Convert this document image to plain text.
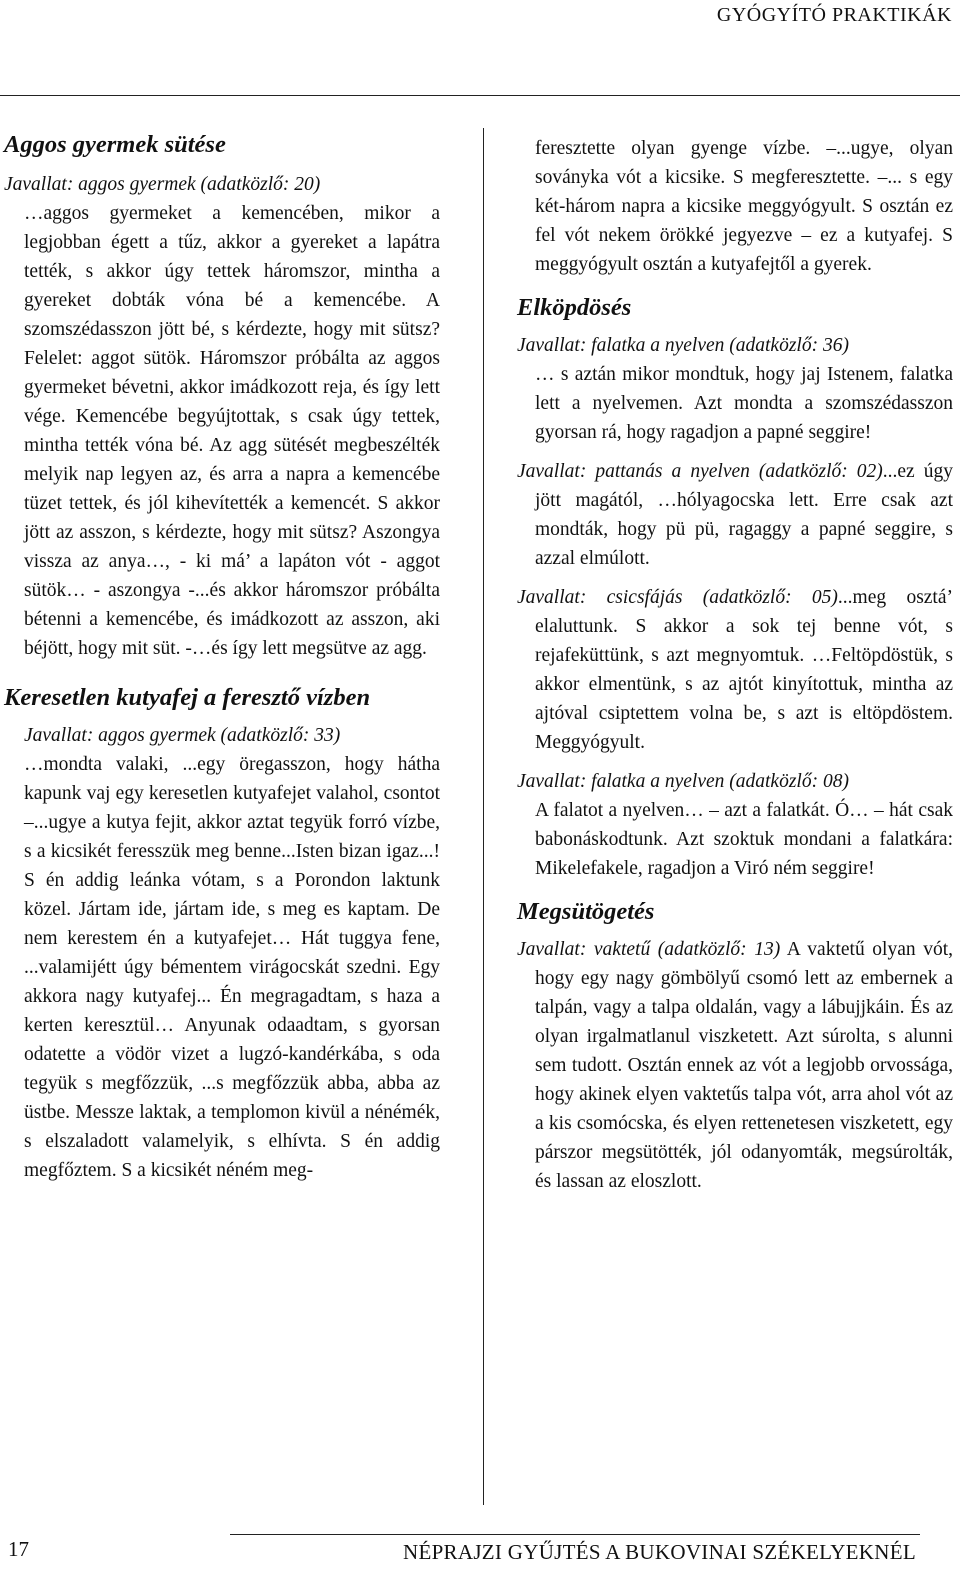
GYÓGYÍTÓ PRAKTIKÁK
Aggos gyermek sütése

Javallat: aggos gyermek (adatközlő: 20)
…aggos gyermeket a kemencében, mikor a legjobban égett a tűz, akkor a gyereket a lapátra tették, s akkor úgy tettek háromszor, mintha a gyereket dobták vóna bé a kemencébe. A szomszédasszon jött bé, s kérdezte, hogy mit sütsz? Felelet: aggot sütök. Háromszor próbálta az aggos gyermeket bévetni, akkor imádkozott reja, és így lett vége. Kemencébe begyújtottak, s csak úgy tettek, mintha tették vóna bé. Az agg sütését megbeszélték melyik nap legyen az, és arra a napra a kemencébe tüzet tettek, és jól kihevítették a kemencét. S akkor jött az asszon, s kérdezte, hogy mit sütsz? Aszongya vissza az anya…, - ki má’ a lapáton vót - aggot sütök… - aszongya -...és akkor háromszor próbálta bétenni a kemencébe, és imádkozott az asszon, aki béjött, hogy mit süt. -…és így lett megsütve az agg.

Keresetlen kutyafej a feresztő vízben

Javallat: aggos gyermek (adatközlő: 33)
…mondta valaki, ...egy öregasszon, hogy hátha kapunk vaj egy keresetlen kutyafejet valahol, csontot –...ugye a kutya fejit, akkor aztat tegyük forró vízbe, s a kicsikét feresszük meg benne...Isten bizan igaz...! S én addig leánka vótam, s a Porondon laktunk közel. Jártam ide, jártam ide, s meg es kaptam. De nem kerestem én a kutyafejet… Hát tuggya fene, ...valamijétt úgy bémentem virágocskát szedni. Egy akkora nagy kutyafej... Én megragadtam, s haza a kerten keresztül… Anyunak odaadtam, s gyorsan odatette a vödör vizet a lugzó-kandérkába, s oda tegyük s megfőzzük, ...s megfőzzük abba, abba az üstbe. Messze laktak, a templomon kivül a nénémék, s elszaladott valamelyik, s elhívta. S én addig megfőztem. S a kicsikét néném meg-

feresztette olyan gyenge vízbe. –...ugye, olyan soványka vót a kicsike. S megferesztette. –... s egy két-három napra a kicsike meggyógyult. S osztán ez fel vót nekem örökké jegyezve – ez a kutyafej. S meggyógyult osztán a kutyafejtől a gyerek.

Elköpdösés

Javallat: falatka a nyelven (adatközlő: 36)
… s aztán mikor mondtuk, hogy jaj Istenem, falatka lett a nyelvemen. Azt mondta a szomszédasszon gyorsan rá, hogy ragadjon a papné seggire!

Javallat: pattanás a nyelven (adatközlő: 02)...ez úgy jött magától, …hólyagocska lett. Erre csak azt mondták, hogy pü pü, ragaggy a papné seggire, s azzal elmúlott.

Javallat: csicsfájás (adatközlő: 05)...meg osztá’ elaluttunk. S akkor a sok tej benne vót, s rejafeküttünk, s azt megnyomtuk. …Feltöpdöstük, s akkor elmentünk, s az ajtót kinyítottuk, mintha az ajtóval csiptettem volna be, s azt is eltöpdöstem. Meggyógyult.

Javallat: falatka a nyelven (adatközlő: 08)
A falatot a nyelven… – azt a falatkát. Ó… – hát csak babonáskodtunk. Azt szoktuk mondani a falatkára: Mikelefakele, ragadjon a Viró ném seggire!

Megsütögetés

Javallat: vaktetű (adatközlő: 13) A vaktetű olyan vót, hogy egy nagy gömbölyű csomó lett az embernek a talpán, vagy a talpa oldalán, vagy a lábujjkáin. És az olyan irgalmatlanul viszketett. Azt súrolta, s alunni sem tudott. Osztán ennek az vót a legjobb orvossága, hogy akinek elyen vaktetűs talpa vót, arra ahol vót az a kis csomócska, és elyen rettenetesen viszketett, egy párszor megsütötték, jól odanyomták, megsúrolták, és lassan az eloszlott.

17	NÉPRAJZI GYŰJTÉS A BUKOVINAI SZÉKELYEKNÉL
